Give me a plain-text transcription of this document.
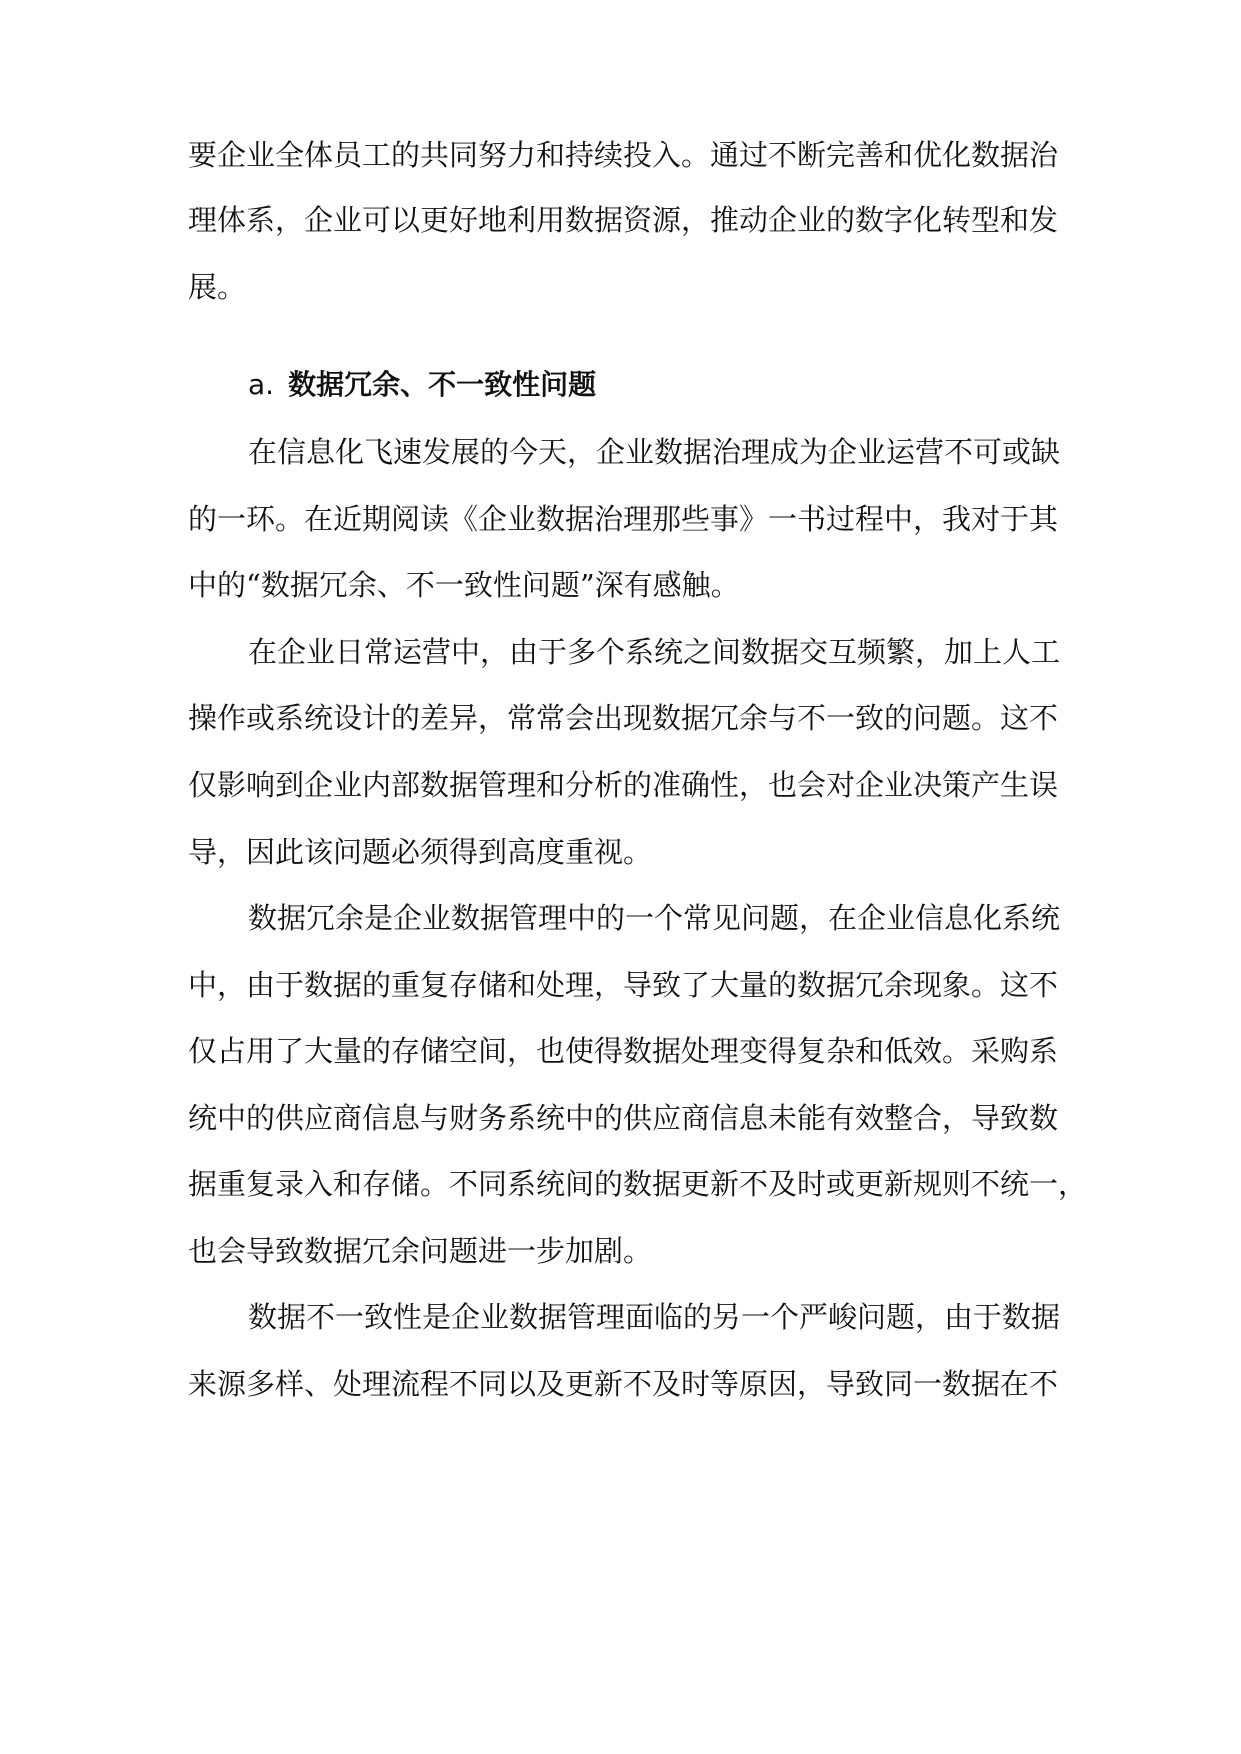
要企业全体员工的共同努力和持续投入。通过不断完善和优化数据治
理体系，企业可以更好地利用数据资源，推动企业的数字化转型和发
展。
a. 数据冗余、不一致性问题
在信息化飞速发展的今天，企业数据治理成为企业运营不可或缺
的一环。在近期阅读《企业数据治理那些事》一书过程中，我对于其
中的“数据冗余、不一致性问题”深有感触。
在企业日常运营中，由于多个系统之间数据交互频繁，加上人工
操作或系统设计的差异，常常会出现数据冗余与不一致的问题。这不
仅影响到企业内部数据管理和分析的准确性，也会对企业决策产生误
导，因此该问题必须得到高度重视。
数据冗余是企业数据管理中的一个常见问题，在企业信息化系统
中，由于数据的重复存储和处理，导致了大量的数据冗余现象。这不
仅占用了大量的存储空间，也使得数据处理变得复杂和低效。采购系
统中的供应商信息与财务系统中的供应商信息未能有效整合，导致数
据重复录入和存储。不同系统间的数据更新不及时或更新规则不统一，
也会导致数据冗余问题进一步加剧。
数据不一致性是企业数据管理面临的另一个严峻问题，由于数据
来源多样、处理流程不同以及更新不及时等原因，导致同一数据在不
